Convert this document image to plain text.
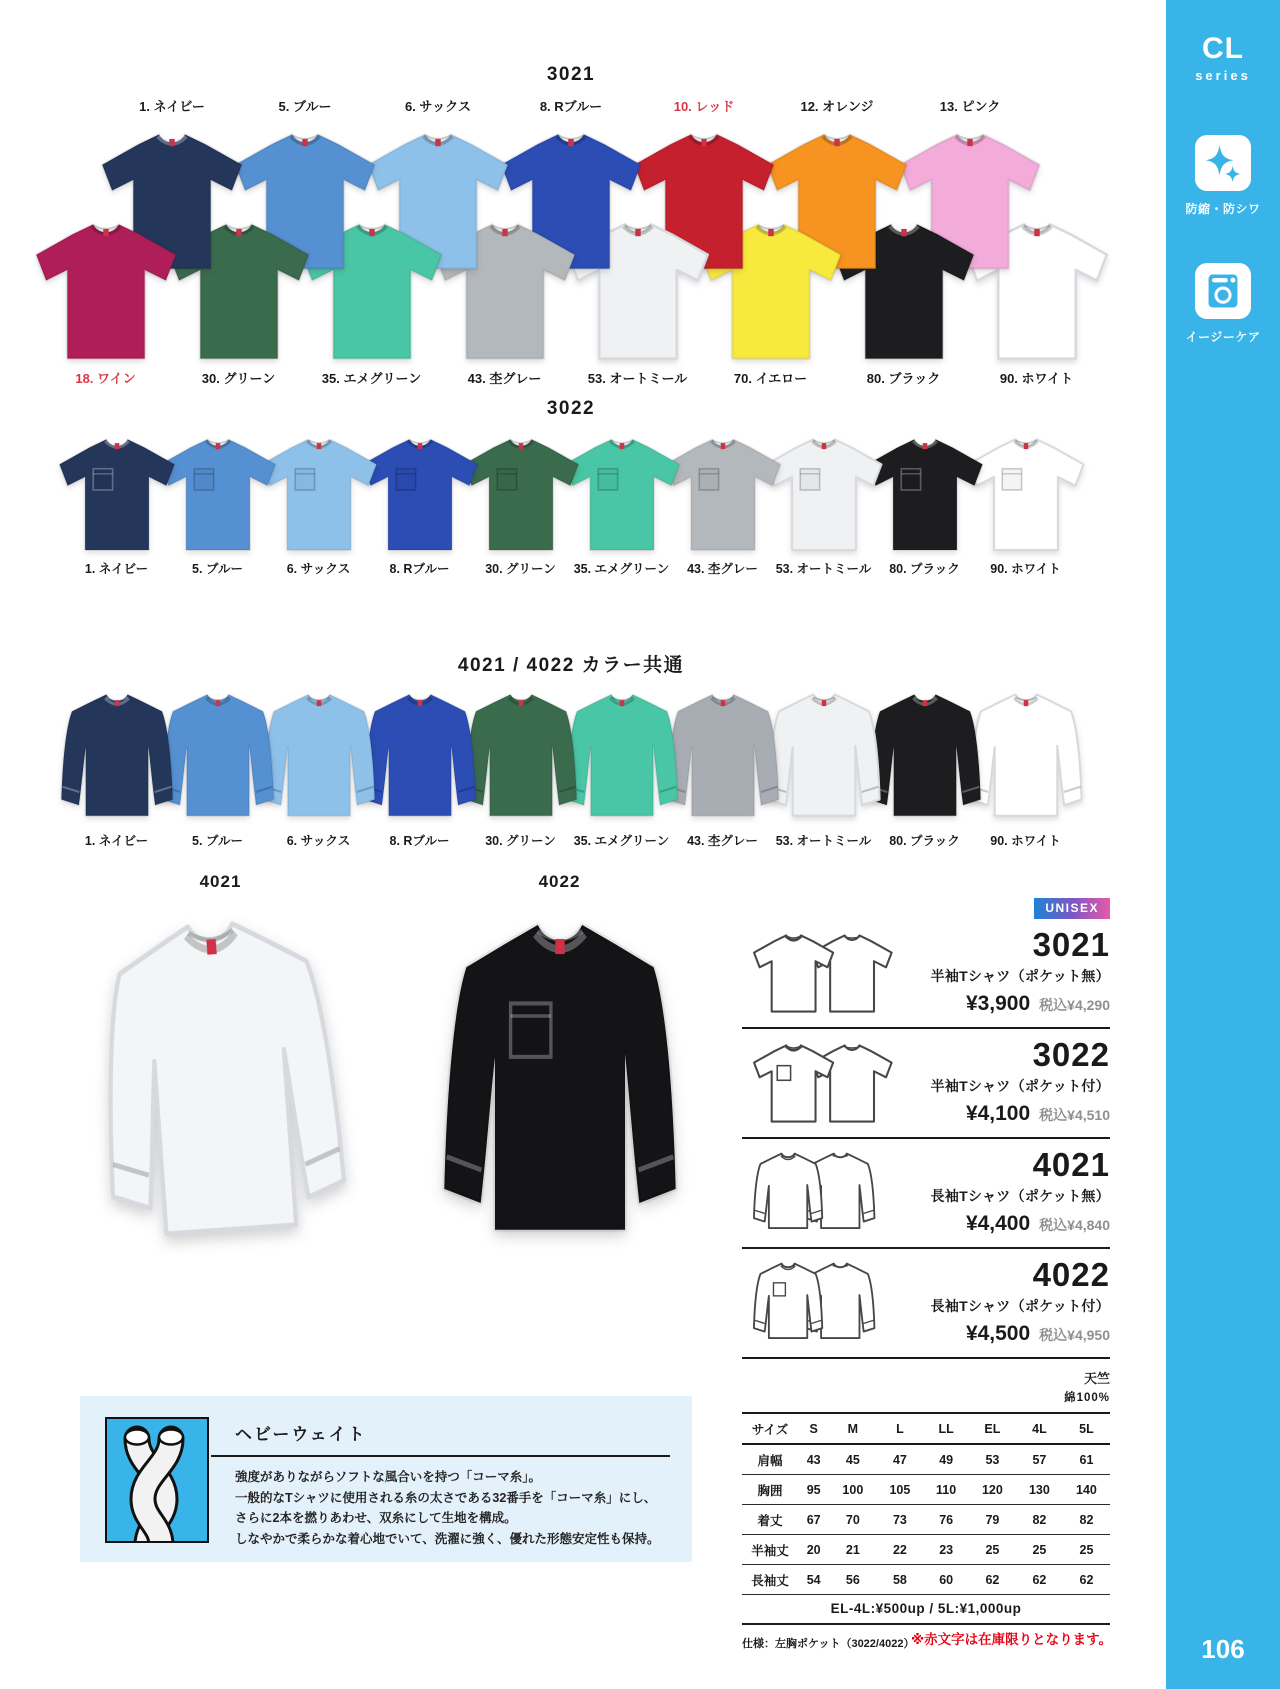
3021
1. ネイビー	5. ブルー	6. サックス	8. Rブルー	10. レッド	12. オレンジ	13. ピンク
18. ワイン	30. グリーン	35. エメグリーン	43. 杢グレー	53. オートミール	70. イエロー	80. ブラック	90. ホワイト
3022
1. ネイビー	5. ブルー	6. サックス	8. Rブルー	30. グリーン 35. エメグリーン 43. 杢グレー 53. オートミール 80. ブラック 90. ホワイト
4021 / 4022 カラー共通
1. ネイビー	5. ブルー	6. サックス	8. Rブルー	30. グリーン 35. エメグリーン 43. 杢グレー 53. オートミール 80. ブラック 90. ホワイト
4021	4022
UNISEX
3021
半袖Tシャツ（ポケット無）
¥3,900 税込¥4,290
3022
半袖Tシャツ（ポケット付）
¥4,100 税込¥4,510
4021
長袖Tシャツ（ポケット無）
¥4,400 税込¥4,840
4022
長袖Tシャツ（ポケット付）
¥4,500 税込¥4,950
天竺
綿100%
サイズ	S	M	L	LL	EL	4L	5L
肩幅	43	45	47	49	53	57	61
胸囲	95	100	105	110	120	130	140
着丈	67	70	73	76	79	82	82
半袖丈	20	21	22	23	25	25	25
長袖丈	54	56	58	60	62	62	62
EL-4L:¥500up / 5L:¥1,000up
仕様：左胸ポケット（3022/4022）
ヘビーウェイト
強度がありながらソフトな風合いを持つ「コーマ糸」。
一般的なTシャツに使用される糸の太さである32番手を「コーマ糸」にし、
さらに2本を撚りあわせ、双糸にして生地を構成。
しなやかで柔らかな着心地でいて、洗濯に強く、優れた形態安定性も保持。
※赤文字は在庫限りとなります。
CL
series
防縮・防シワ
イージーケア
106
